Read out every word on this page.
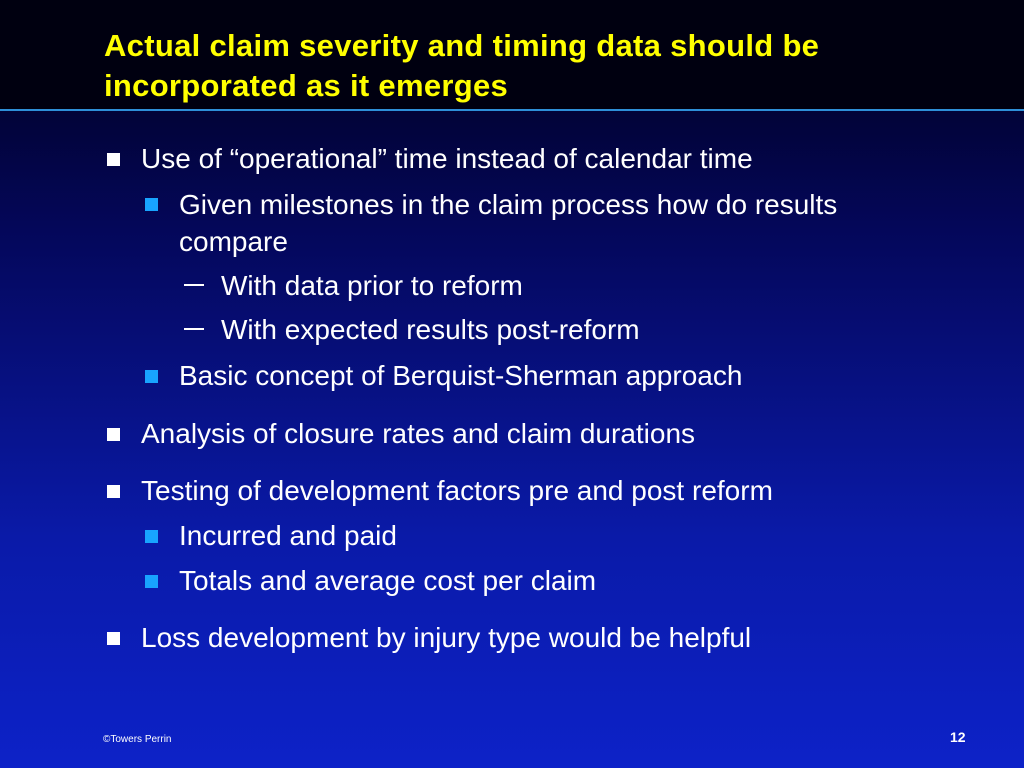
Actual claim severity and timing data should be incorporated as it emerges
Use of “operational” time instead of calendar time
Given milestones in the claim process how do results compare
With data prior to reform
With expected results post-reform
Basic concept of Berquist-Sherman approach
Analysis of closure rates and claim durations
Testing of development factors pre and post reform
Incurred and paid
Totals and average cost per claim
Loss development by injury type would be helpful
©Towers Perrin	12
